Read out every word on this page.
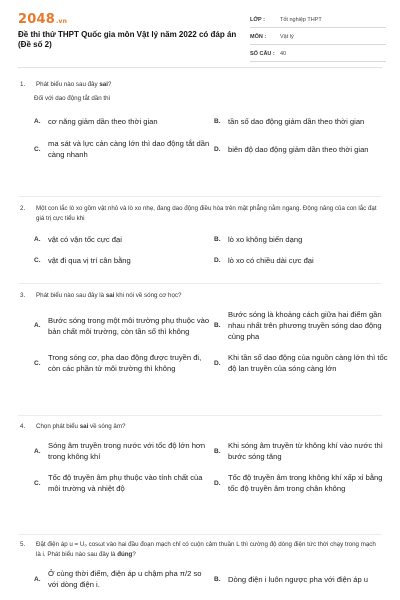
2048.vn
Đề thi thử THPT Quốc gia môn Vật lý năm 2022 có đáp án
(Đề số 2)
LỚP :	Tốt nghiệp THPT
MÔN :	Vật lý
SỐ CÂU : 40
1.	Phát biểu nào sau đây sai?
Đối với dao động tắt dần thì
A. cơ năng giảm dần theo thời gian	B. tần số dao động giảm dần theo thời gian
C.
ma sát và lực cản càng lớn thì dao động tắt dần càng nhanh
D. biên độ dao động giảm dần theo thời gian
2.	Một con lắc lò xo gồm vật nhỏ và lò xo nhẹ, đang dao động điều hòa trên mặt phẳng nằm ngang. Động năng của con lắc đạt giá trị cực tiểu khi
A. vật có vận tốc cực đại	B. lò xo không biến dạng
C. vật đi qua vị trí cân bằng	D. lò xo có chiều dài cực đại
3.	Phát biểu nào sau đây là sai khi nói về sóng cơ học?
A.
Bước sóng trong một môi trường phụ thuộc vào bản chất môi trường, còn tần số thì không
B.
Bước sóng là khoảng cách giữa hai điểm gần nhau nhất trên phương truyền sóng dao động cùng pha
C.
Trong sóng cơ, pha dao động được truyền đi, còn các phần tử môi trường thì không
D.
Khi tần số dao động của nguồn càng lớn thì tốc độ lan truyền của sóng càng lớn
4.	Chọn phát biểu sai về sóng âm?
A.
Sóng âm truyền trong nước với tốc độ lớn hơn trong không khí
B.
Khi sóng âm truyền từ không khí vào nước thì bước sóng tăng
C.
Tốc độ truyền âm phụ thuộc vào tính chất của môi trường và nhiệt độ
D.
Tốc độ truyền âm trong không khí xấp xỉ bằng tốc độ truyền âm trong chân không
5.	Đặt điện áp u = U₀ cosωt vào hai đầu đoạn mạch chỉ có cuộn cảm thuần L thì cường độ dòng điện tức thời chạy trong mạch là i. Phát biểu nào sau đây là đúng?
A.
Ở cùng thời điểm, điện áp u chậm pha π/2 so với dòng điện i.
B. Dòng điện i luôn ngược pha với điện áp u
